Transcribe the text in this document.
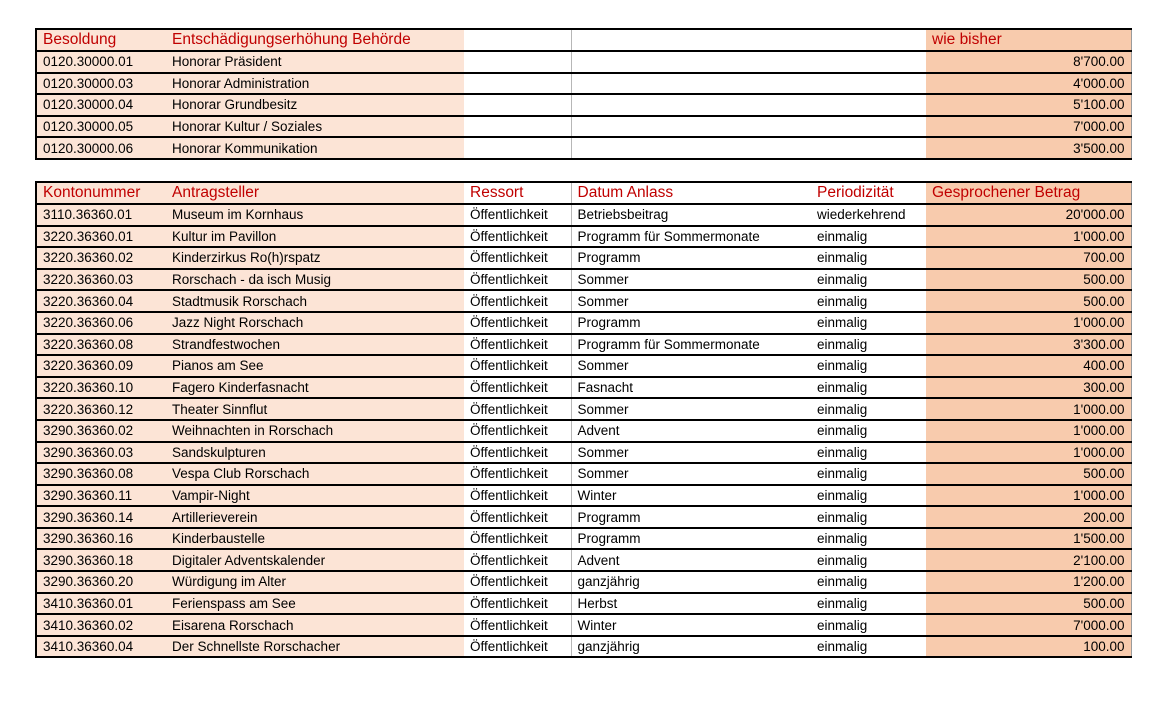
Besoldung	Entschädigungserhöhung Behörde			wie bisher
0120.30000.01	Honorar Präsident			8'700.00
0120.30000.03	Honorar Administration			4'000.00
0120.30000.04	Honorar Grundbesitz			5'100.00
0120.30000.05	Honorar Kultur / Soziales			7'000.00
0120.30000.06	Honorar Kommunikation			3'500.00
Kontonummer	Antragsteller	Ressort	Datum Anlass	Periodizität	Gesprochener Betrag
3110.36360.01	Museum im Kornhaus	Öffentlichkeit	Betriebsbeitrag	wiederkehrend	20'000.00
3220.36360.01	Kultur im Pavillon	Öffentlichkeit	Programm für Sommermonate	einmalig	1'000.00
3220.36360.02	Kinderzirkus Ro(h)rspatz	Öffentlichkeit	Programm	einmalig	700.00
3220.36360.03	Rorschach - da isch Musig	Öffentlichkeit	Sommer	einmalig	500.00
3220.36360.04	Stadtmusik Rorschach	Öffentlichkeit	Sommer	einmalig	500.00
3220.36360.06	Jazz Night Rorschach	Öffentlichkeit	Programm	einmalig	1'000.00
3220.36360.08	Strandfestwochen	Öffentlichkeit	Programm für Sommermonate	einmalig	3'300.00
3220.36360.09	Pianos am See	Öffentlichkeit	Sommer	einmalig	400.00
3220.36360.10	Fagero Kinderfasnacht	Öffentlichkeit	Fasnacht	einmalig	300.00
3220.36360.12	Theater Sinnflut	Öffentlichkeit	Sommer	einmalig	1'000.00
3290.36360.02	Weihnachten in Rorschach	Öffentlichkeit	Advent	einmalig	1'000.00
3290.36360.03	Sandskulpturen	Öffentlichkeit	Sommer	einmalig	1'000.00
3290.36360.08	Vespa Club Rorschach	Öffentlichkeit	Sommer	einmalig	500.00
3290.36360.11	Vampir-Night	Öffentlichkeit	Winter	einmalig	1'000.00
3290.36360.14	Artillerieverein	Öffentlichkeit	Programm	einmalig	200.00
3290.36360.16	Kinderbaustelle	Öffentlichkeit	Programm	einmalig	1'500.00
3290.36360.18	Digitaler Adventskalender	Öffentlichkeit	Advent	einmalig	2'100.00
3290.36360.20	Würdigung im Alter	Öffentlichkeit	ganzjährig	einmalig	1'200.00
3410.36360.01	Ferienspass am See	Öffentlichkeit	Herbst	einmalig	500.00
3410.36360.02	Eisarena Rorschach	Öffentlichkeit	Winter	einmalig	7'000.00
3410.36360.04	Der Schnellste Rorschacher	Öffentlichkeit	ganzjährig	einmalig	100.00
